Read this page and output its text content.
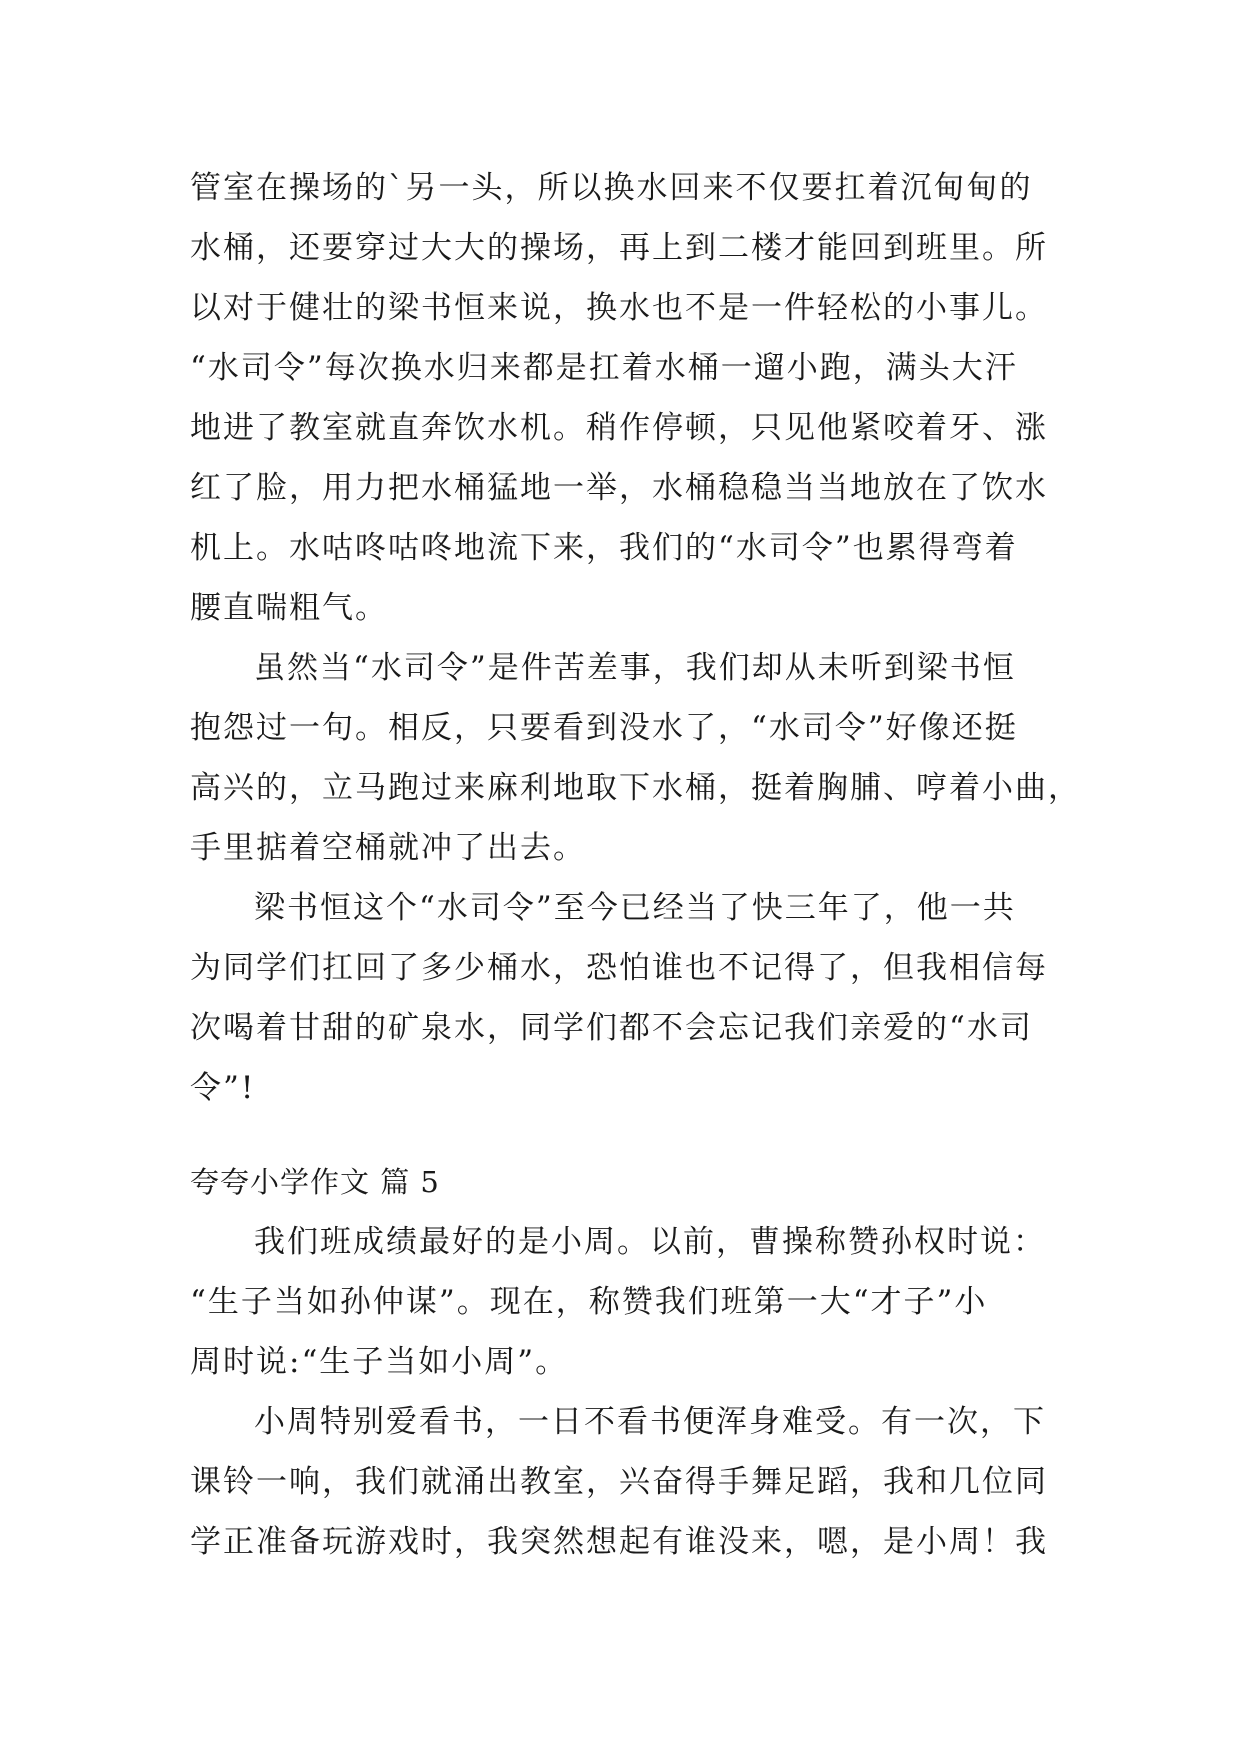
管室在操场的`另一头，所以换水回来不仅要扛着沉甸甸的
水桶，还要穿过大大的操场，再上到二楼才能回到班里。所
以对于健壮的梁书恒来说，换水也不是一件轻松的小事儿。
“水司令”每次换水归来都是扛着水桶一遛小跑，满头大汗
地进了教室就直奔饮水机。稍作停顿，只见他紧咬着牙、涨
红了脸，用力把水桶猛地一举，水桶稳稳当当地放在了饮水
机上。水咕咚咕咚地流下来，我们的“水司令”也累得弯着
腰直喘粗气。
虽然当“水司令”是件苦差事，我们却从未听到梁书恒
抱怨过一句。相反，只要看到没水了，“水司令”好像还挺
高兴的，立马跑过来麻利地取下水桶，挺着胸脯、哼着小曲，
手里掂着空桶就冲了出去。
梁书恒这个“水司令”至今已经当了快三年了，他一共
为同学们扛回了多少桶水，恐怕谁也不记得了，但我相信每
次喝着甘甜的矿泉水，同学们都不会忘记我们亲爱的“水司
令”!
夸夸小学作文 篇 5
我们班成绩最好的是小周。以前，曹操称赞孙权时说：
“生子当如孙仲谋”。现在，称赞我们班第一大“才子”小
周时说:“生子当如小周”。
小周特别爱看书，一日不看书便浑身难受。有一次，下
课铃一响，我们就涌出教室，兴奋得手舞足蹈，我和几位同
学正准备玩游戏时，我突然想起有谁没来，嗯，是小周！我
